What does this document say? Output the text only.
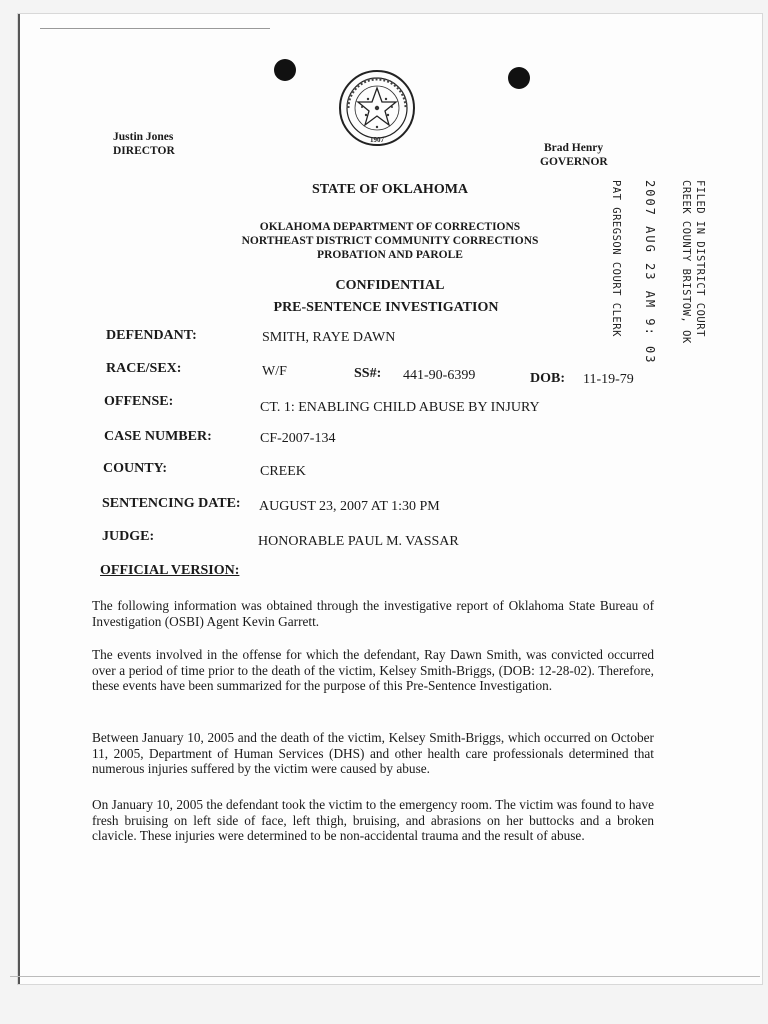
1907
Justin Jones
DIRECTOR	Brad Henry
GOVERNOR
STATE OF OKLAHOMA
OKLAHOMA DEPARTMENT OF CORRECTIONS
NORTHEAST DISTRICT COMMUNITY CORRECTIONS
PROBATION AND PAROLE
CONFIDENTIAL
PRE-SENTENCE INVESTIGATION	FILED IN DISTRICT COURT
CREEK COUNTY BRISTOW, OK
2007 AUG 23 AM 9: 03
PAT GREGSON COURT CLERK
DEFENDANT:	SMITH, RAYE DAWN
RACE/SEX:	W/F	SS#: 441-90-6399	DOB: 11-19-79
OFFENSE:	CT. 1: ENABLING CHILD ABUSE BY INJURY
CASE NUMBER:	CF-2007-134
COUNTY:	CREEK
SENTENCING DATE: AUGUST 23, 2007 AT 1:30 PM
JUDGE:	HONORABLE PAUL M. VASSAR
OFFICIAL VERSION:
The following information was obtained through the investigative report of Oklahoma State Bureau of Investigation (OSBI) Agent Kevin Garrett.
The events involved in the offense for which the defendant, Ray Dawn Smith, was convicted occurred over a period of time prior to the death of the victim, Kelsey Smith-Briggs, (DOB: 12-28-02). Therefore, these events have been summarized for the purpose of this Pre-Sentence Investigation.
Between January 10, 2005 and the death of the victim, Kelsey Smith-Briggs, which occurred on October 11, 2005, Department of Human Services (DHS) and other health care professionals determined that numerous injuries suffered by the victim were caused by abuse.
On January 10, 2005 the defendant took the victim to the emergency room. The victim was found to have fresh bruising on left side of face, left thigh, bruising, and abrasions on her buttocks and a broken clavicle. These injuries were determined to be non-accidental trauma and the result of abuse.
